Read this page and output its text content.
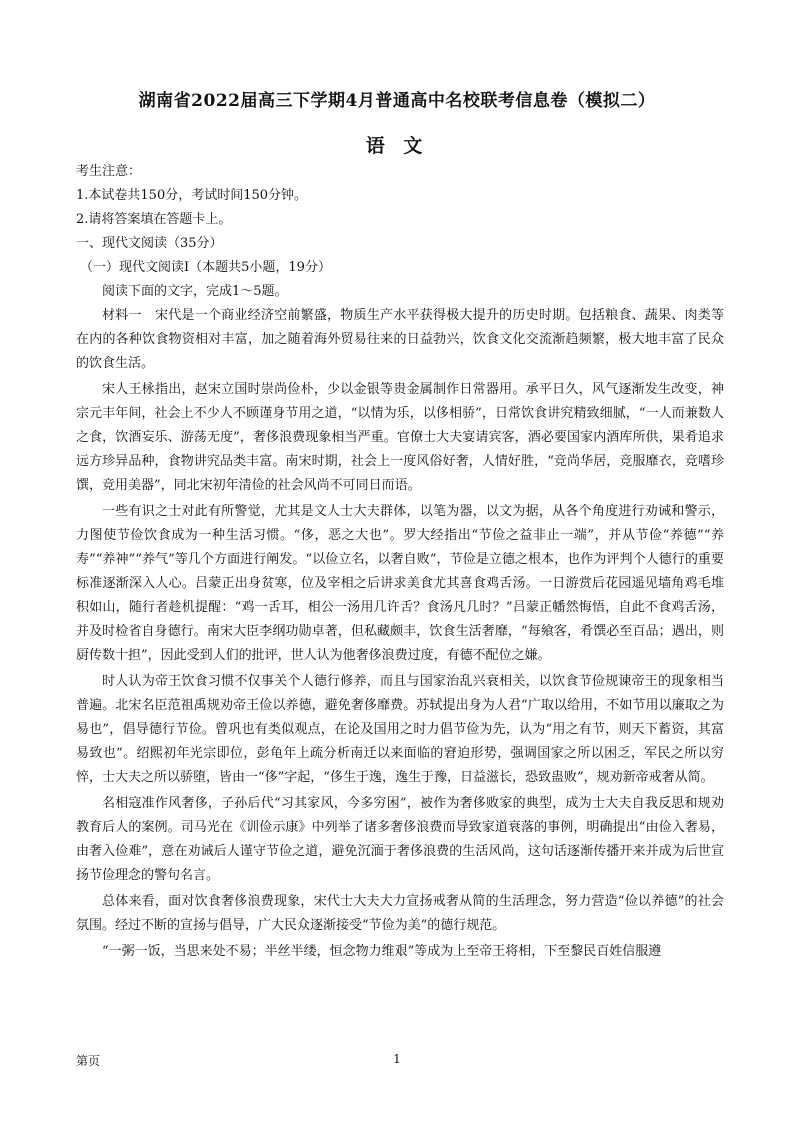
湖南省2022届高三下学期4月普通高中名校联考信息卷（模拟二）
语 文

考生注意：

1.本试卷共150分，考试时间150分钟。

2.请将答案填在答题卡上。

一、现代文阅读（35分）

（一）现代文阅读Ⅰ（本题共5小题，19分）

阅读下面的文字，完成1～5题。

材料一　宋代是一个商业经济空前繁盛，物质生产水平获得极大提升的历史时期。包括粮食、蔬果、肉类等在内的各种饮食物资相对丰富，加之随着海外贸易往来的日益勃兴，饮食文化交流渐趋频繁，极大地丰富了民众的饮食生活。

宋人王栐指出，赵宋立国时崇尚俭朴，少以金银等贵金属制作日常器用。承平日久，风气逐渐发生改变，神宗元丰年间，社会上不少人不顾谨身节用之道，“以情为乐，以侈相骄”，日常饮食讲究精致细腻，“一人而兼数人之食，饮酒妄乐、游荡无度”，奢侈浪费现象相当严重。官僚士大夫宴请宾客，酒必要国家内酒库所供，果肴追求远方珍异品种，食物讲究品类丰富。南宋时期，社会上一度风俗好奢，人情好胜，“竞尚华居，竞服靡衣，竞嗜珍馔，竞用美器”，同北宋初年清俭的社会风尚不可同日而语。

一些有识之士对此有所警觉，尤其是文人士大夫群体，以笔为器，以文为据，从各个角度进行劝诫和警示，力图使节俭饮食成为一种生活习惯。“侈，恶之大也”。罗大经指出“节俭之益非止一端”，并从节俭“养德”“养寿”“养神”“养气”等几个方面进行阐发。“以俭立名，以奢自败”，节俭是立德之根本，也作为评判个人德行的重要标准逐渐深入人心。吕蒙正出身贫寒，位及宰相之后讲求美食尤其喜食鸡舌汤。一日游赏后花园遥见墙角鸡毛堆积如山，随行者趁机提醒：“鸡一舌耳，相公一汤用几许舌？食汤凡几时？”吕蒙正幡然悔悟，自此不食鸡舌汤，并及时检省自身德行。南宋大臣李纲功勋卓著，但私藏颇丰，饮食生活奢靡，“每飨客，肴馔必至百品；遇出，则厨传数十担”，因此受到人们的批评，世人认为他奢侈浪费过度，有德不配位之嫌。

时人认为帝王饮食习惯不仅事关个人德行修养，而且与国家治乱兴衰相关，以饮食节俭规谏帝王的现象相当普遍。北宋名臣范祖禹规劝帝王俭以养德，避免奢侈靡费。苏轼提出身为人君“广取以给用，不如节用以廉取之为易也”，倡导德行节俭。曾巩也有类似观点，在论及国用之时力倡节俭为先，认为“用之有节，则天下蓄资，其富易致也”。绍熙初年光宗即位，彭龟年上疏分析南迁以来面临的窘迫形势，强调国家之所以困乏，军民之所以穷悴，士大夫之所以骄堕，皆由一“侈”字起，“侈生于逸，逸生于豫，日益滋长，恐致蛊败”，规劝新帝戒奢从简。

名相寇准作风奢侈，子孙后代“习其家风，今多穷困”，被作为奢侈败家的典型，成为士大夫自我反思和规劝教育后人的案例。司马光在《训俭示康》中列举了诸多奢侈浪费而导致家道衰落的事例，明确提出“由俭入奢易，由奢入俭难”，意在劝诫后人谨守节俭之道，避免沉湎于奢侈浪费的生活风尚，这句话逐渐传播开来并成为后世宣扬节俭理念的警句名言。

总体来看，面对饮食奢侈浪费现象，宋代士大夫大力宣扬戒奢从简的生活理念，努力营造“俭以养德”的社会氛围。经过不断的宣扬与倡导，广大民众逐渐接受“节俭为美”的德行规范。

“一粥一饭，当思来处不易；半丝半缕，恒念物力维艰”等成为上至帝王将相，下至黎民百姓信服遵

第页	1
